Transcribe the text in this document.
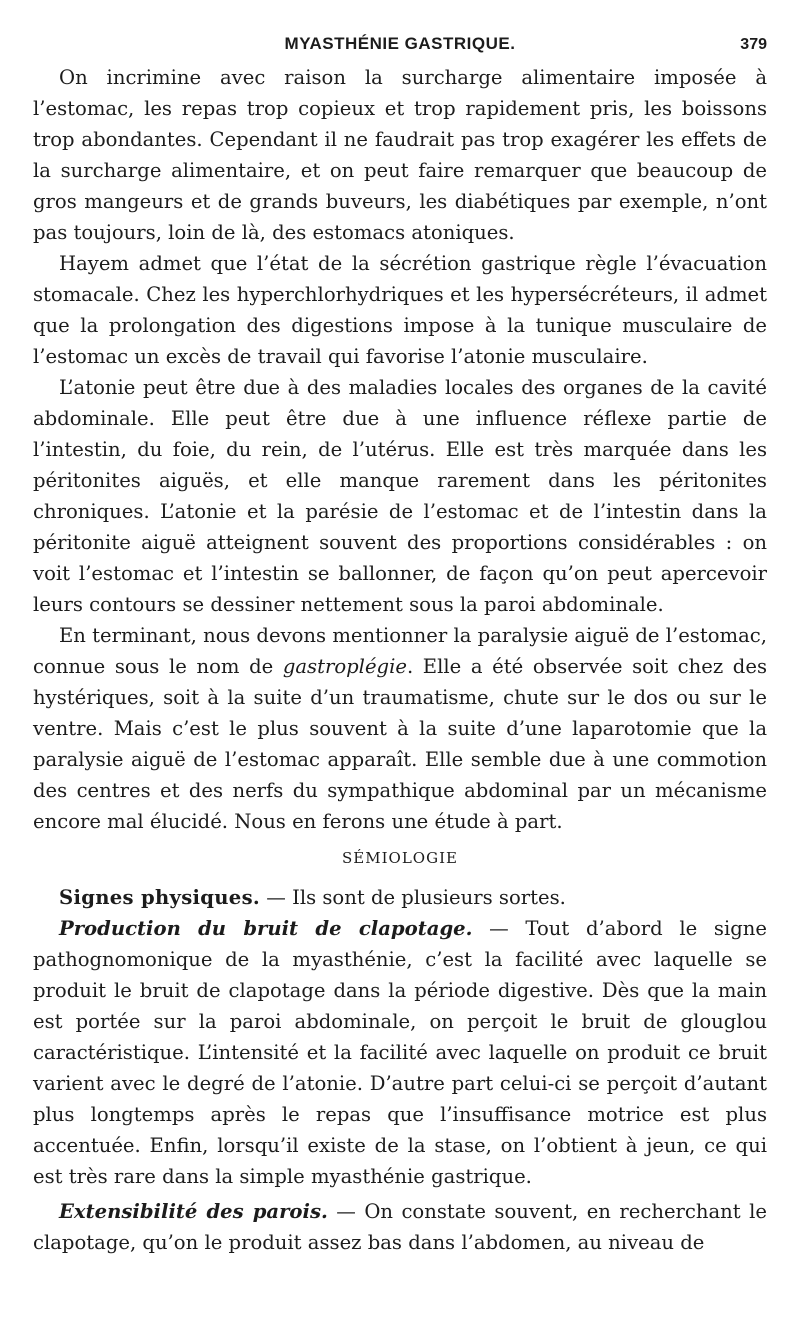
MYASTHÉNIE GASTRIQUE.	379

On incrimine avec raison la surcharge alimentaire imposée à l’estomac, les repas trop copieux et trop rapidement pris, les boissons trop abondantes. Cependant il ne faudrait pas trop exagérer les effets de la surcharge alimentaire, et on peut faire remarquer que beaucoup de gros mangeurs et de grands buveurs, les diabétiques par exemple, n’ont pas toujours, loin de là, des estomacs atoniques.

Hayem admet que l’état de la sécrétion gastrique règle l’évacuation stomacale. Chez les hyperchlorhydriques et les hypersécréteurs, il admet que la prolongation des digestions impose à la tunique musculaire de l’estomac un excès de travail qui favorise l’atonie musculaire.

L’atonie peut être due à des maladies locales des organes de la cavité abdominale. Elle peut être due à une influence réflexe partie de l’intestin, du foie, du rein, de l’utérus. Elle est très marquée dans les péritonites aiguës, et elle manque rarement dans les péritonites chroniques. L’atonie et la parésie de l’estomac et de l’intestin dans la péritonite aiguë atteignent souvent des proportions considérables : on voit l’estomac et l’intestin se ballonner, de façon qu’on peut apercevoir leurs contours se dessiner nettement sous la paroi abdominale.

En terminant, nous devons mentionner la paralysie aiguë de l’estomac, connue sous le nom de gastroplégie. Elle a été observée soit chez des hystériques, soit à la suite d’un traumatisme, chute sur le dos ou sur le ventre. Mais c’est le plus souvent à la suite d’une laparotomie que la paralysie aiguë de l’estomac apparaît. Elle semble due à une commotion des centres et des nerfs du sympathique abdominal par un mécanisme encore mal élucidé. Nous en ferons une étude à part.

SÉMIOLOGIE

Signes physiques. — Ils sont de plusieurs sortes.

Production du bruit de clapotage. — Tout d’abord le signe pathognomonique de la myasthénie, c’est la facilité avec laquelle se produit le bruit de clapotage dans la période digestive. Dès que la main est portée sur la paroi abdominale, on perçoit le bruit de glouglou caractéristique. L’intensité et la facilité avec laquelle on produit ce bruit varient avec le degré de l’atonie. D’autre part celui-ci se perçoit d’autant plus longtemps après le repas que l’insuffisance motrice est plus accentuée. Enfin, lorsqu’il existe de la stase, on l’obtient à jeun, ce qui est très rare dans la simple myasthénie gastrique.

Extensibilité des parois. — On constate souvent, en recherchant le clapotage, qu’on le produit assez bas dans l’abdomen, au niveau de
